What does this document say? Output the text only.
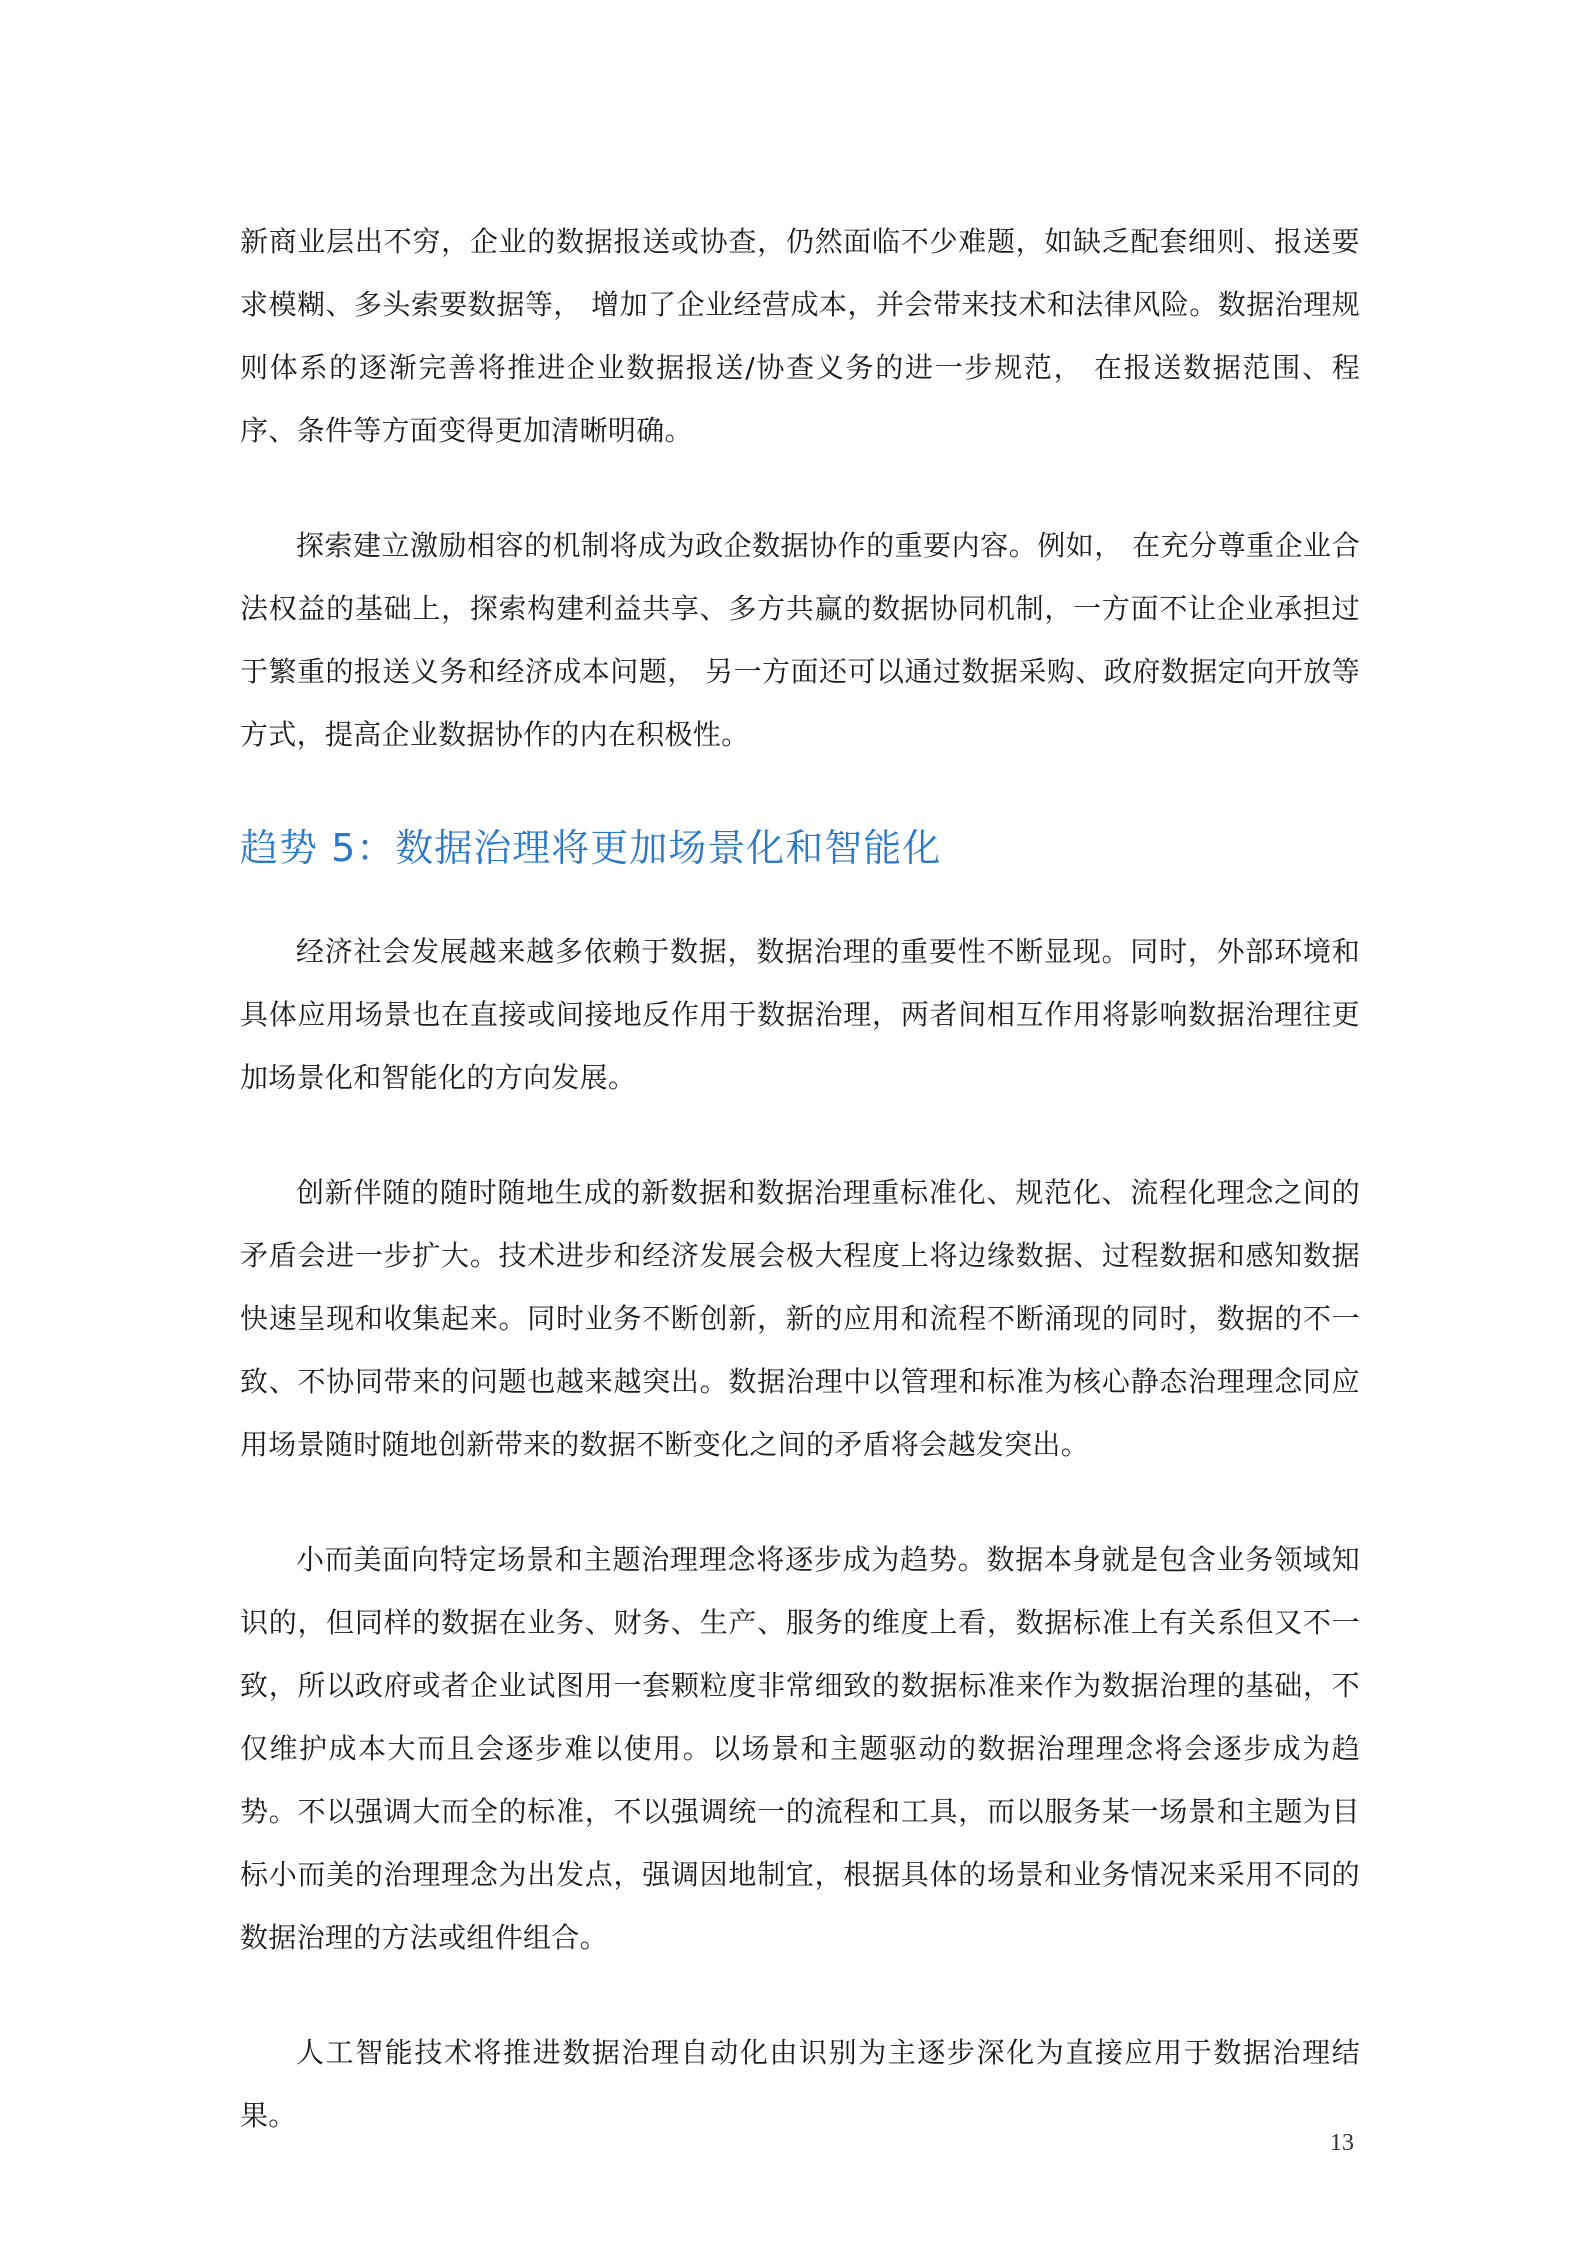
新商业层出不穷，企业的数据报送或协查，仍然面临不少难题，如缺乏配套细则、报送要求模糊、多头索要数据等， 增加了企业经营成本，并会带来技术和法律风险。数据治理规则体系的逐渐完善将推进企业数据报送/协查义务的进一步规范， 在报送数据范围、程序、条件等方面变得更加清晰明确。

探索建立激励相容的机制将成为政企数据协作的重要内容。例如， 在充分尊重企业合法权益的基础上，探索构建利益共享、多方共赢的数据协同机制，一方面不让企业承担过于繁重的报送义务和经济成本问题， 另一方面还可以通过数据采购、政府数据定向开放等方式，提高企业数据协作的内在积极性。

趋势 5：数据治理将更加场景化和智能化

经济社会发展越来越多依赖于数据，数据治理的重要性不断显现。同时，外部环境和具体应用场景也在直接或间接地反作用于数据治理，两者间相互作用将影响数据治理往更加场景化和智能化的方向发展。

创新伴随的随时随地生成的新数据和数据治理重标准化、规范化、流程化理念之间的矛盾会进一步扩大。技术进步和经济发展会极大程度上将边缘数据、过程数据和感知数据快速呈现和收集起来。同时业务不断创新，新的应用和流程不断涌现的同时，数据的不一致、不协同带来的问题也越来越突出。数据治理中以管理和标准为核心静态治理理念同应用场景随时随地创新带来的数据不断变化之间的矛盾将会越发突出。

小而美面向特定场景和主题治理理念将逐步成为趋势。数据本身就是包含业务领域知识的，但同样的数据在业务、财务、生产、服务的维度上看，数据标准上有关系但又不一致，所以政府或者企业试图用一套颗粒度非常细致的数据标准来作为数据治理的基础，不仅维护成本大而且会逐步难以使用。以场景和主题驱动的数据治理理念将会逐步成为趋势。不以强调大而全的标准，不以强调统一的流程和工具，而以服务某一场景和主题为目标小而美的治理理念为出发点，强调因地制宜，根据具体的场景和业务情况来采用不同的数据治理的方法或组件组合。

人工智能技术将推进数据治理自动化由识别为主逐步深化为直接应用于数据治理结果。

13
